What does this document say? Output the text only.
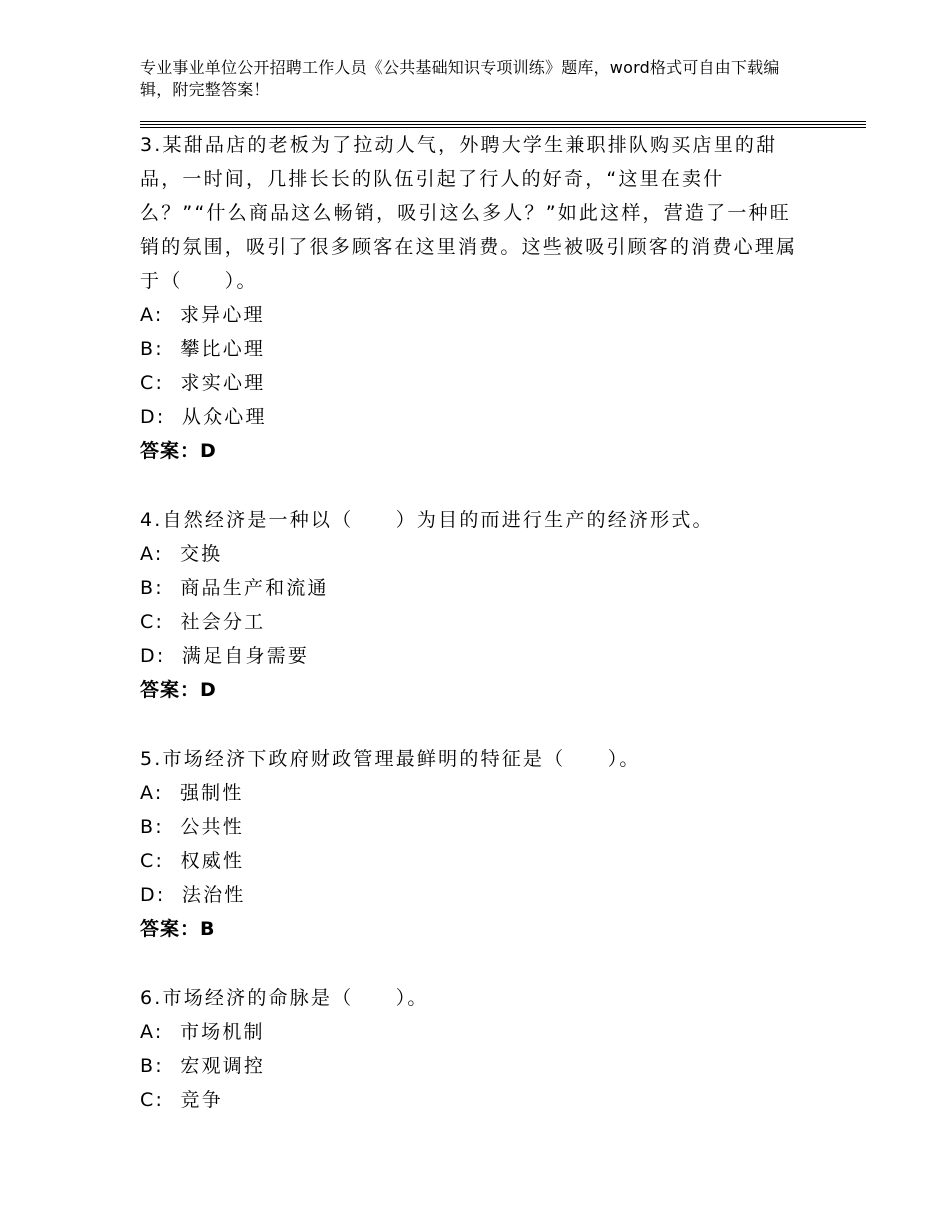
专业事业单位公开招聘工作人员《公共基础知识专项训练》题库，word格式可自由下载编辑，附完整答案！

3.某甜品店的老板为了拉动人气，外聘大学生兼职排队购买店里的甜品，一时间，几排长长的队伍引起了行人的好奇，“这里在卖什么？”“什么商品这么畅销，吸引这么多人？”如此这样，营造了一种旺销的氛围，吸引了很多顾客在这里消费。这些被吸引顾客的消费心理属于（　　）。

A:  求异心理

B:  攀比心理

C:  求实心理

D:  从众心理

答案：D

4.自然经济是一种以（　　）为目的而进行生产的经济形式。

A:  交换

B:  商品生产和流通

C:  社会分工

D:  满足自身需要

答案：D

5.市场经济下政府财政管理最鲜明的特征是（　　）。

A:  强制性

B:  公共性

C:  权威性

D:  法治性

答案：B

6.市场经济的命脉是（　　）。

A:  市场机制

B:  宏观调控

C:  竞争
